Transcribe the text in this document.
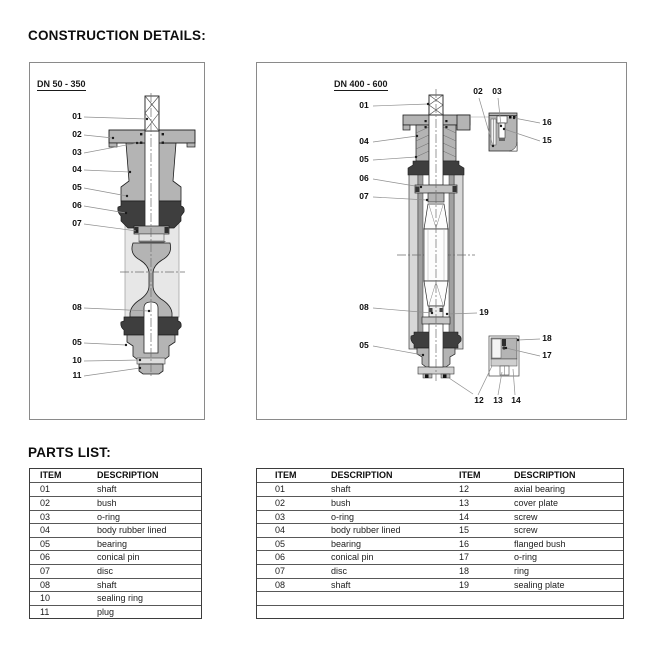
CONSTRUCTION DETAILS:
DN 50 - 350	DN 400 - 600
PARTS LIST:
ITEM	DESCRIPTION
01	shaft
02	bush
03	o-ring
04	body rubber lined
05	bearing
06	conical pin
07	disc
08	shaft
10	sealing ring
11	plug
ITEM	DESCRIPTION	ITEM	DESCRIPTION
01	shaft	12	axial bearing
02	bush	13	cover plate
03	o-ring	14	screw
04	body rubber lined	15	screw
05	bearing	16	flanged bush
06	conical pin	17	o-ring
07	disc	18	ring
08	shaft	19	sealing plate
01
02
03
04
05
06
07
08
05
10
11
01
04
05
06
07
08
05
19
02 03
16
15
18
17
12 13 14
